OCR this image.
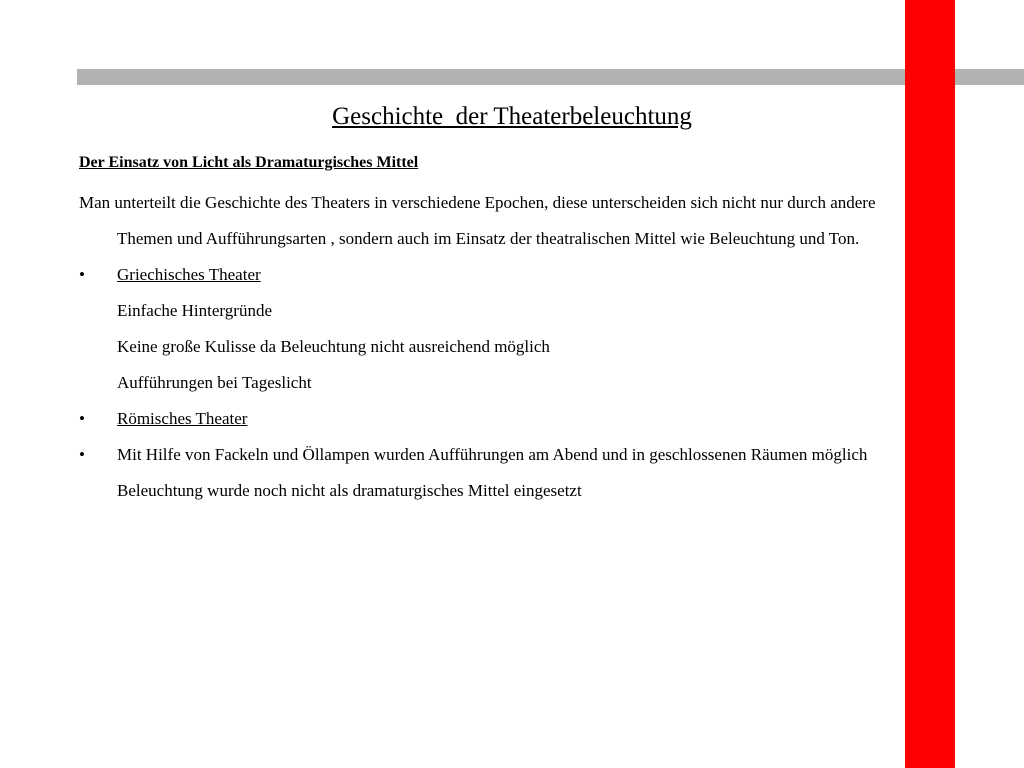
Geschichte  der Theaterbeleuchtung
Der Einsatz von Licht als Dramaturgisches Mittel

Man unterteilt die Geschichte des Theaters in verschiedene Epochen, diese unterscheiden sich nicht nur durch andere Themen und Aufführungsarten , sondern auch im Einsatz der theatralischen Mittel wie Beleuchtung und Ton.

• Griechisches Theater
Einfache Hintergründe
Keine große Kulisse da Beleuchtung nicht ausreichend möglich
Aufführungen bei Tageslicht
• Römisches Theater
• Mit Hilfe von Fackeln und Öllampen wurden Aufführungen am Abend und in geschlossenen Räumen möglich
Beleuchtung wurde noch nicht als dramaturgisches Mittel eingesetzt
